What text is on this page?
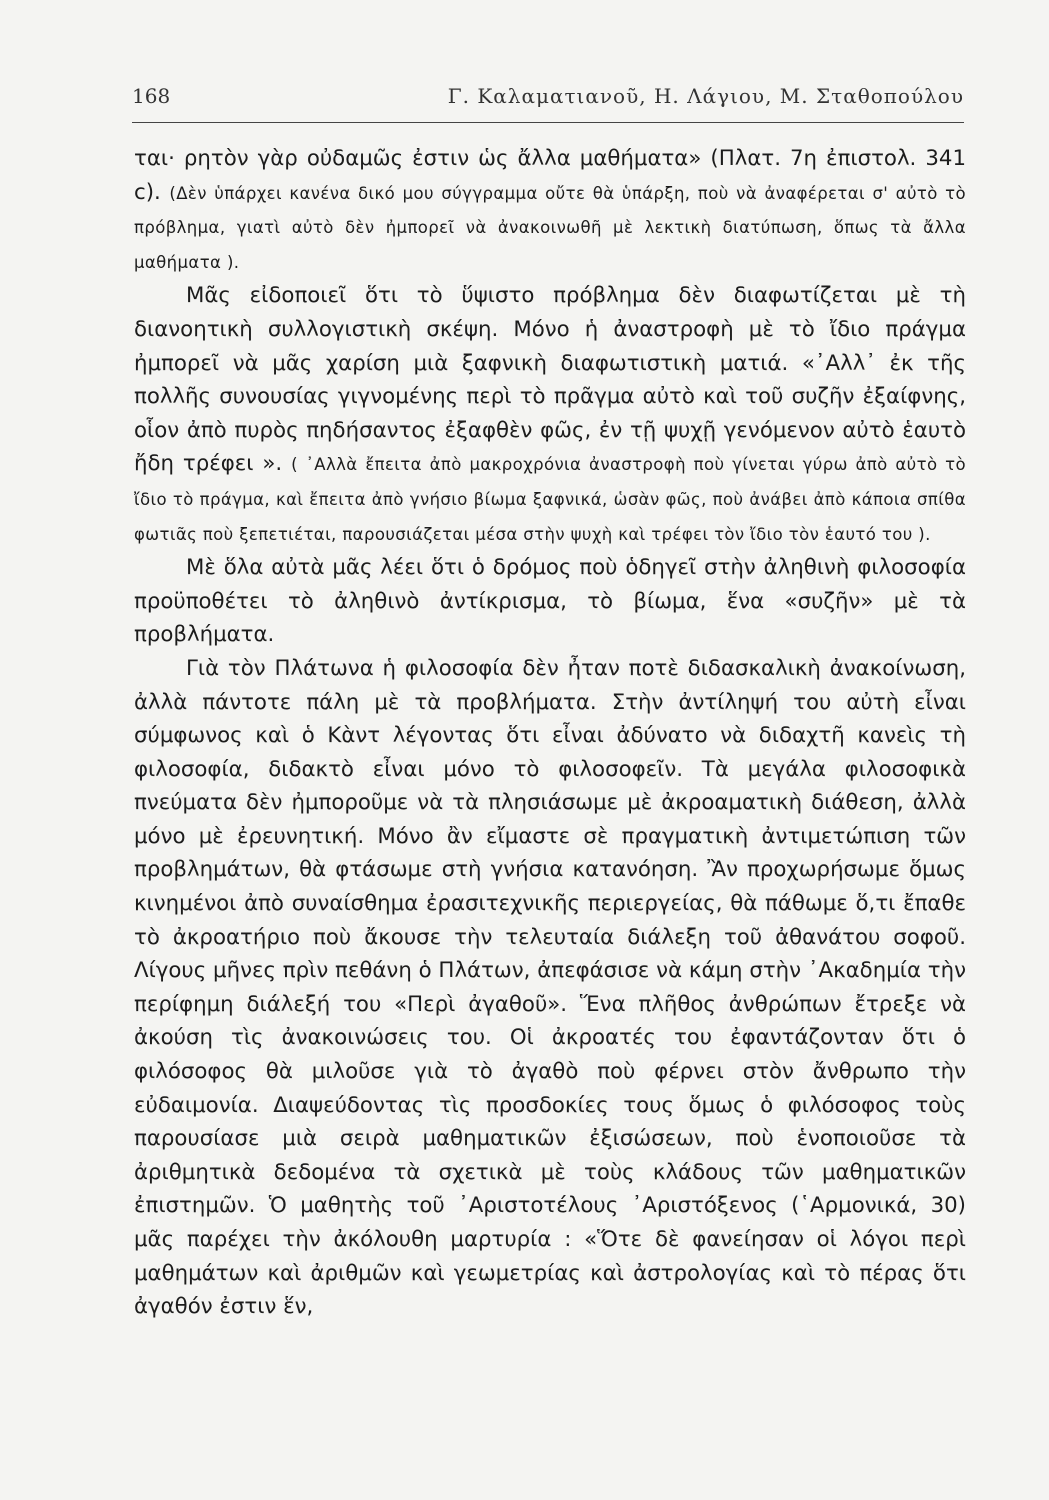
168	Γ. Καλαματιανοῦ, Η. Λάγιου, Μ. Σταθοπούλου

ται· ρητὸν γὰρ οὐδαμῶς ἐστιν ὡς ἄλλα μαθήματα» (Πλατ. 7η ἐπιστολ. 341 c). (Δὲν ὑπάρχει κανένα δικό μου σύγγραμμα οὔτε θὰ ὑπάρξη, ποὺ νὰ ἀναφέρεται σ' αὐτὸ τὸ πρόβλημα, γιατὶ αὐτὸ δὲν ἠμπορεῖ νὰ ἀνακοινωθῆ μὲ λεκτικὴ διατύπωση, ὅπως τὰ ἄλλα μαθήματα ).

Μᾶς εἰδοποιεῖ ὅτι τὸ ὕψιστο πρόβλημα δὲν διαφωτίζεται μὲ τὴ διανοητικὴ συλλογιστικὴ σκέψη. Μόνο ἡ ἀναστροφὴ μὲ τὸ ἴδιο πράγμα ἠμπορεῖ νὰ μᾶς χαρίση μιὰ ξαφνικὴ διαφωτιστικὴ ματιά. «᾿Αλλ᾿ ἐκ τῆς πολλῆς συνουσίας γιγνομένης περὶ τὸ πρᾶγμα αὐτὸ καὶ τοῦ συζῆν ἐξαίφνης, οἷον ἀπὸ πυρὸς πηδήσαντος ἐξαφθὲν φῶς, ἐν τῇ ψυχῇ γενόμενον αὐτὸ ἑαυτὸ ἤδη τρέφει ». ( ᾿Αλλὰ ἔπειτα ἀπὸ μακροχρόνια ἀναστροφὴ ποὺ γίνεται γύρω ἀπὸ αὐτὸ τὸ ἴδιο τὸ πράγμα, καὶ ἔπειτα ἀπὸ γνήσιο βίωμα ξαφνικά, ὡσὰν φῶς, ποὺ ἀνάβει ἀπὸ κάποια σπίθα φωτιᾶς ποὺ ξεπετιέται, παρουσιάζεται μέσα στὴν ψυχὴ καὶ τρέφει τὸν ἴδιο τὸν ἑαυτό του ).

Μὲ ὅλα αὐτὰ μᾶς λέει ὅτι ὁ δρόμος ποὺ ὁδηγεῖ στὴν ἀληθινὴ φιλοσοφία προϋποθέτει τὸ ἀληθινὸ ἀντίκρισμα, τὸ βίωμα, ἕνα «συζῆν» μὲ τὰ προβλήματα.

Γιὰ τὸν Πλάτωνα ἡ φιλοσοφία δὲν ἦταν ποτὲ διδασκαλικὴ ἀνακοίνωση, ἀλλὰ πάντοτε πάλη μὲ τὰ προβλήματα. Στὴν ἀντίληψή του αὐτὴ εἶναι σύμφωνος καὶ ὁ Κὰντ λέγοντας ὅτι εἶναι ἀδύνατο νὰ διδαχτῆ κανεὶς τὴ φιλοσοφία, διδακτὸ εἶναι μόνο τὸ φιλοσοφεῖν. Τὰ μεγάλα φιλοσοφικὰ πνεύματα δὲν ἠμποροῦμε νὰ τὰ πλησιάσωμε μὲ ἀκροαματικὴ διάθεση, ἀλλὰ μόνο μὲ ἐρευνητική. Μόνο ἂν εἴμαστε σὲ πραγματικὴ ἀντιμετώπιση τῶν προβλημάτων, θὰ φτάσωμε στὴ γνήσια κατανόηση. Ἂν προχωρήσωμε ὅμως κινημένοι ἀπὸ συναίσθημα ἐρασιτεχνικῆς περιεργείας, θὰ πάθωμε ὅ,τι ἔπαθε τὸ ἀκροατήριο ποὺ ἄκουσε τὴν τελευταία διάλεξη τοῦ ἀθανάτου σοφοῦ. Λίγους μῆνες πρὶν πεθάνη ὁ Πλάτων, ἀπεφάσισε νὰ κάμη στὴν ᾿Ακαδημία τὴν περίφημη διάλεξή του «Περὶ ἀγαθοῦ». Ἕνα πλῆθος ἀνθρώπων ἔτρεξε νὰ ἀκούση τὶς ἀνακοινώσεις του. Οἱ ἀκροατές του ἐφαντάζονταν ὅτι ὁ φιλόσοφος θὰ μιλοῦσε γιὰ τὸ ἀγαθὸ ποὺ φέρνει στὸν ἄνθρωπο τὴν εὐδαιμονία. Διαψεύδοντας τὶς προσδοκίες τους ὅμως ὁ φιλόσοφος τοὺς παρουσίασε μιὰ σειρὰ μαθηματικῶν ἐξισώσεων, ποὺ ἑνοποιοῦσε τὰ ἀριθμητικὰ δεδομένα τὰ σχετικὰ μὲ τοὺς κλάδους τῶν μαθηματικῶν ἐπιστημῶν. Ὁ μαθητὴς τοῦ ᾿Αριστοτέλους ᾿Αριστόξενος (῾Αρμονικά, 30) μᾶς παρέχει τὴν ἀκόλουθη μαρτυρία : «Ὅτε δὲ φανείησαν οἱ λόγοι περὶ μαθημάτων καὶ ἀριθμῶν καὶ γεωμετρίας καὶ ἀστρολογίας καὶ τὸ πέρας ὅτι ἀγαθόν ἐστιν ἕν,
